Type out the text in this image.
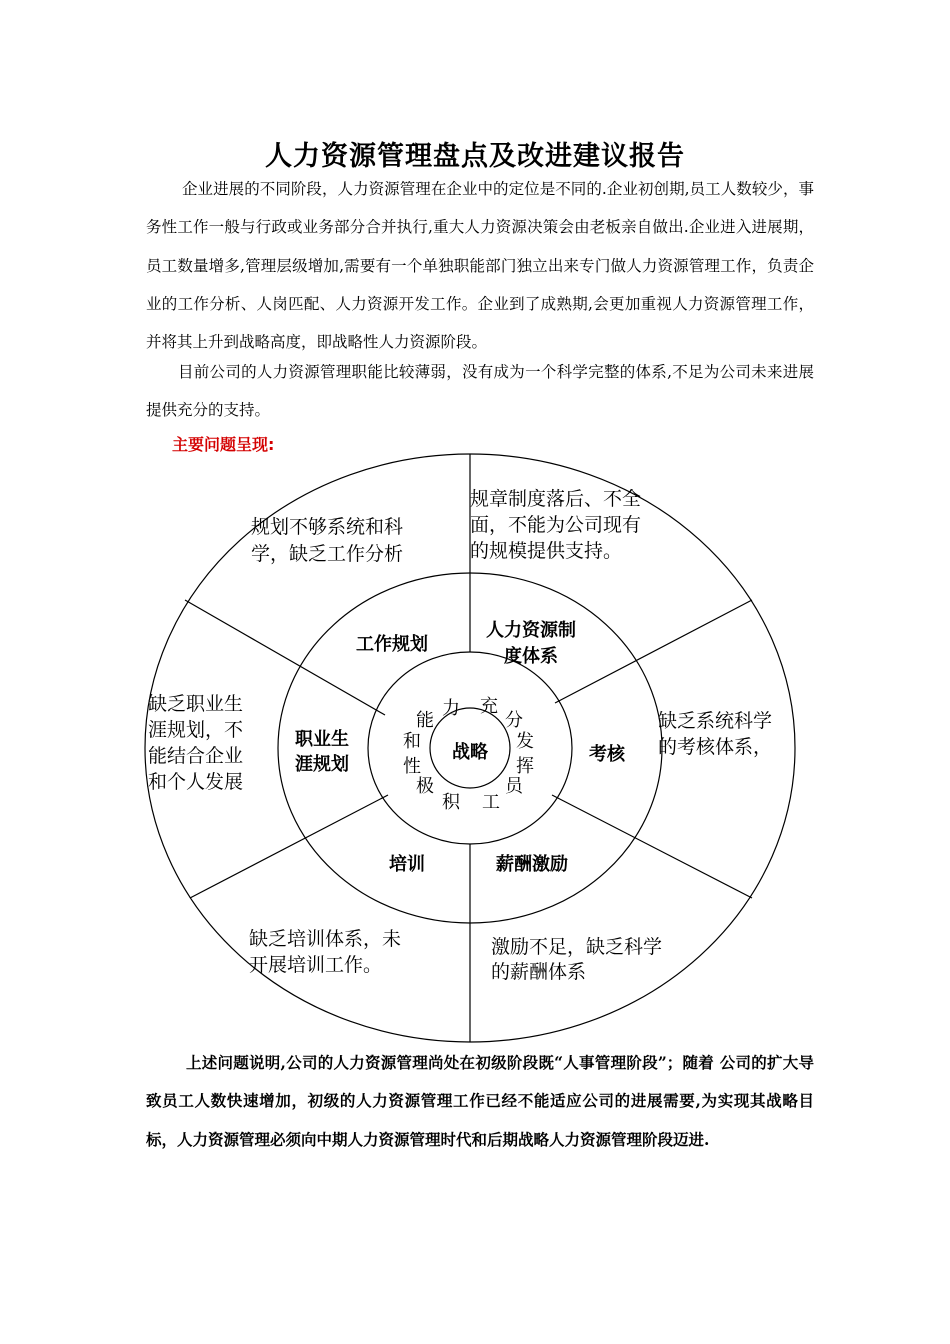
人力资源管理盘点及改进建议报告

企业进展的不同阶段，人力资源管理在企业中的定位是不同的.企业初创期,员工人数较少，事务性工作一般与行政或业务部分合并执行,重大人力资源决策会由老板亲自做出.企业进入进展期，员工数量增多,管理层级增加,需要有一个单独职能部门独立出来专门做人力资源管理工作，负责企业的工作分析、人岗匹配、人力资源开发工作。企业到了成熟期,会更加重视人力资源管理工作，并将其上升到战略高度，即战略性人力资源阶段。

目前公司的人力资源管理职能比较薄弱，没有成为一个科学完整的体系,不足为公司未来进展提供充分的支持。

主要问题呈现:
战略
力 充
分
发
挥
员
工
积
极
性
和
能
工作规划
人力资源制
度体系
考核
薪酬激励
培训
职业生
涯规划
规划不够系统和科
学，缺乏工作分析
规章制度落后、不全
面，不能为公司现有
的规模提供支持。
缺乏系统科学
的考核体系，
激励不足，缺乏科学
的薪酬体系
缺乏培训体系，未
开展培训工作。
缺乏职业生
涯规划，不
能结合企业
和个人发展

上述问题说明,公司的人力资源管理尚处在初级阶段既“人事管理阶段”；随着 公司的扩大导致员工人数快速增加，初级的人力资源管理工作已经不能适应公司的进展需要,为实现其战略目标，人力资源管理必须向中期人力资源管理时代和后期战略人力资源管理阶段迈进.
